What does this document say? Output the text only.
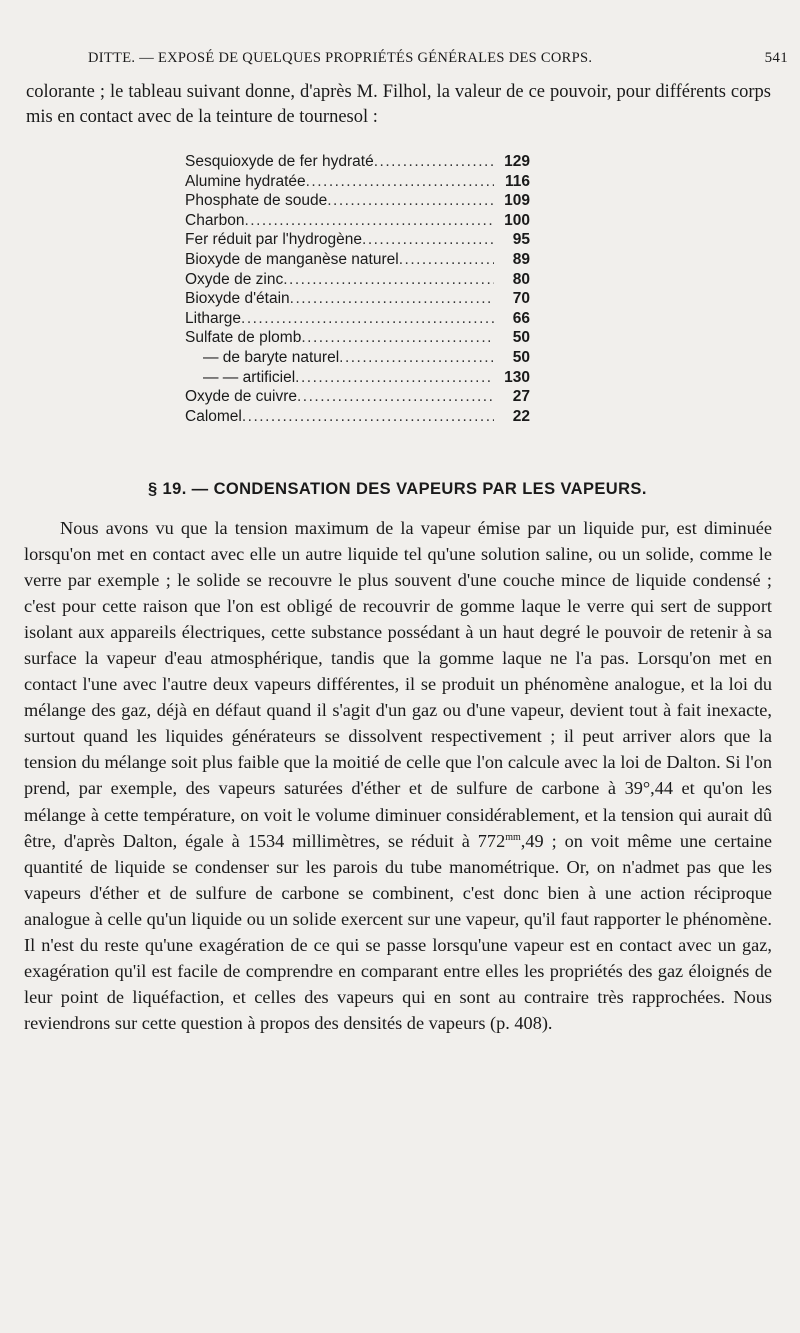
DITTE. — EXPOSÉ DE QUELQUES PROPRIÉTÉS GÉNÉRALES DES CORPS.	541
colorante ; le tableau suivant donne, d'après M. Filhol, la valeur de ce pouvoir, pour différents corps mis en contact avec de la teinture de tournesol :
Sesquioxyde de fer hydraté .....	129
Alumine hydratée .....	116
Phosphate de soude .....	109
Charbon .....	100
Fer réduit par l'hydrogène .....	95
Bioxyde de manganèse naturel .....	89
Oxyde de zinc .....	80
Bioxyde d'étain .....	70
Litharge .....	66
Sulfate de plomb .....	50
— de baryte naturel .....	50
— — artificiel .....	130
Oxyde de cuivre .....	27
Calomel .....	22
§ 19. — CONDENSATION DES VAPEURS PAR LES VAPEURS.
Nous avons vu que la tension maximum de la vapeur émise par un liquide pur, est diminuée lorsqu'on met en contact avec elle un autre liquide tel qu'une solution saline, ou un solide, comme le verre par exemple ; le solide se recouvre le plus souvent d'une couche mince de liquide condensé ; c'est pour cette raison que l'on est obligé de recouvrir de gomme laque le verre qui sert de support isolant aux appareils électriques, cette substance possédant à un haut degré le pouvoir de retenir à sa surface la vapeur d'eau atmosphérique, tandis que la gomme laque ne l'a pas. Lorsqu'on met en contact l'une avec l'autre deux vapeurs différentes, il se produit un phénomène analogue, et la loi du mélange des gaz, déjà en défaut quand il s'agit d'un gaz ou d'une vapeur, devient tout à fait inexacte, surtout quand les liquides générateurs se dissolvent respectivement ; il peut arriver alors que la tension du mélange soit plus faible que la moitié de celle que l'on calcule avec la loi de Dalton. Si l'on prend, par exemple, des vapeurs saturées d'éther et de sulfure de carbone à 39°,44 et qu'on les mélange à cette température, on voit le volume diminuer considérablement, et la tension qui aurait dû être, d'après Dalton, égale à 1534 millimètres, se réduit à $772^{mm},49$ ; on voit même une certaine quantité de liquide se condenser sur les parois du tube manométrique. Or, on n'admet pas que les vapeurs d'éther et de sulfure de carbone se combinent, c'est donc bien à une action réciproque analogue à celle qu'un liquide ou un solide exercent sur une vapeur, qu'il faut rapporter le phénomène. Il n'est du reste qu'une exagération de ce qui se passe lorsqu'une vapeur est en contact avec un gaz, exagération qu'il est facile de comprendre en comparant entre elles les propriétés des gaz éloignés de leur point de liquéfaction, et celles des vapeurs qui en sont au contraire très rapprochées. Nous reviendrons sur cette question à propos des densités de vapeurs (p. 408).
